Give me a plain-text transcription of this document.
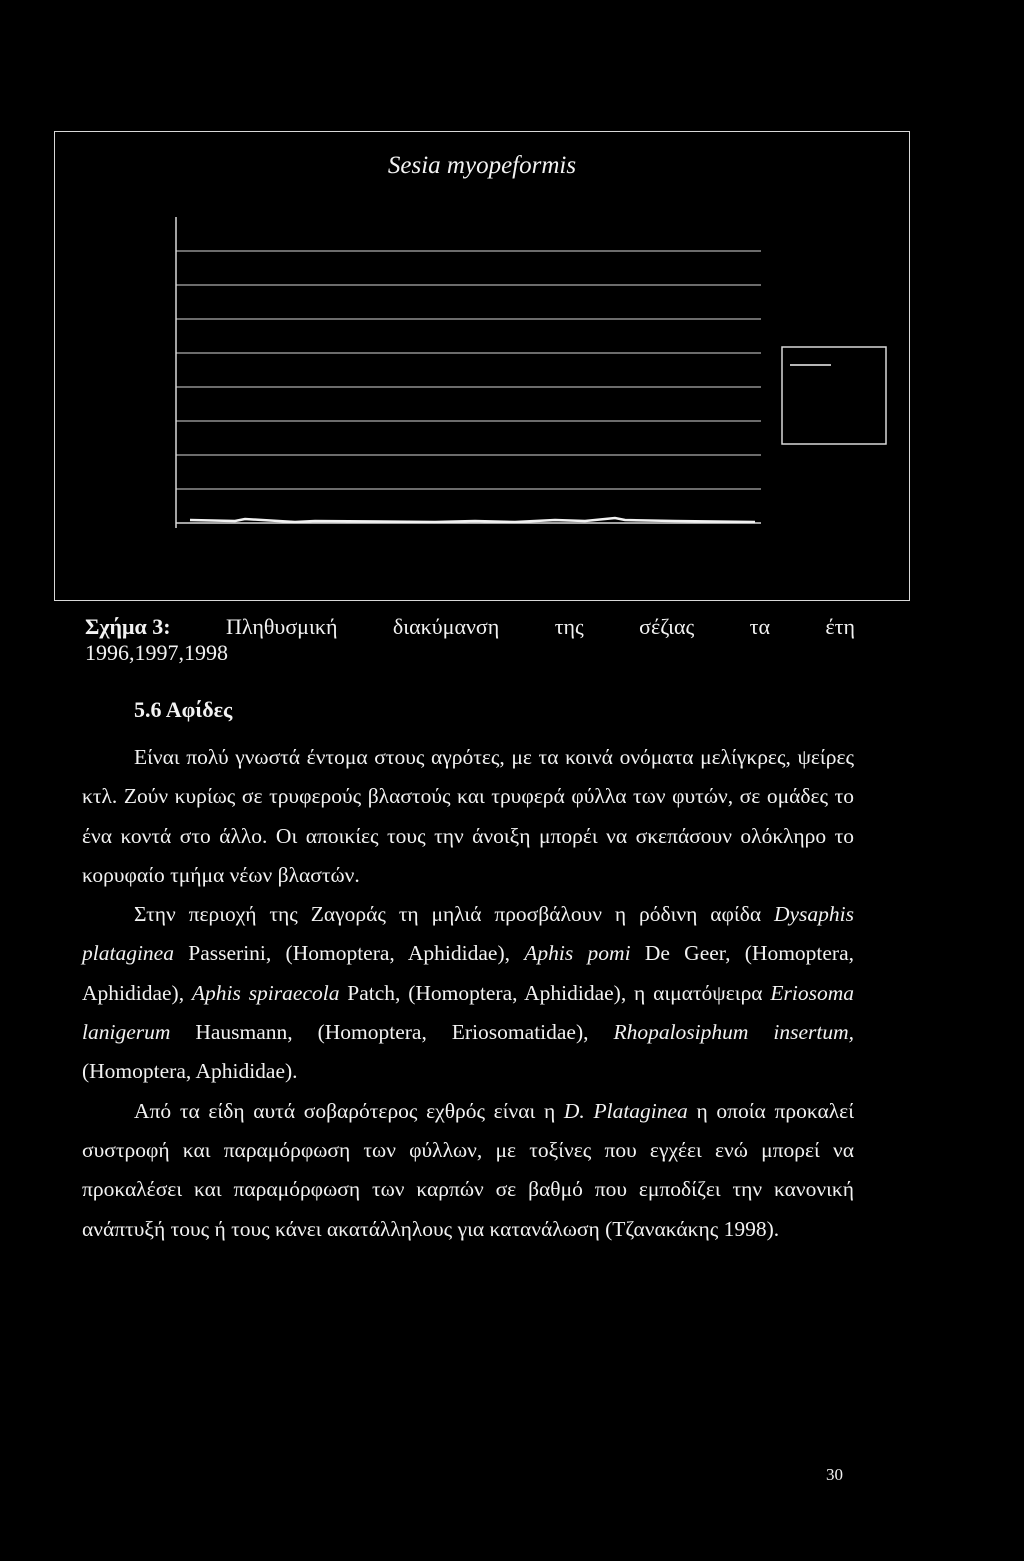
Sesia myopeformis
Σχήμα 3:	Πληθυσμική	διακύμανση	της	σέζιας	τα	έτη
1996,1997,1998
5.6 Αφίδες

Είναι πολύ γνωστά έντομα στους αγρότες, με τα κοινά ονόματα μελίγκρες, ψείρες κτλ. Ζούν κυρίως σε τρυφερούς βλαστούς και τρυφερά φύλλα των φυτών, σε ομάδες το ένα κοντά στο άλλο. Οι αποικίες τους την άνοιξη μπορέι να σκεπάσουν ολόκληρο το κορυφαίο τμήμα νέων βλαστών.

Στην περιοχή της Ζαγοράς τη μηλιά προσβάλουν η ρόδινη αφίδα Dysaphis plataginea Passerini, (Homoptera, Aphididae), Aphis pomi De Geer, (Homoptera, Aphididae), Aphis spiraecola Patch, (Homoptera, Aphididae), η αιματόψειρα Eriosoma lanigerum Hausmann, (Homoptera, Eriosomatidae), Rhopalosiphum insertum, (Homoptera, Aphididae).

Από τα είδη αυτά σοβαρότερος εχθρός είναι η D. Plataginea η οποία προκαλεί συστροφή και παραμόρφωση των φύλλων, με τοξίνες που εγχέει ενώ μπορεί να προκαλέσει και παραμόρφωση των καρπών σε βαθμό που εμποδίζει την κανονική ανάπτυξή τους ή τους κάνει ακατάλληλους για κατανάλωση (Τζανακάκης 1998).

30
